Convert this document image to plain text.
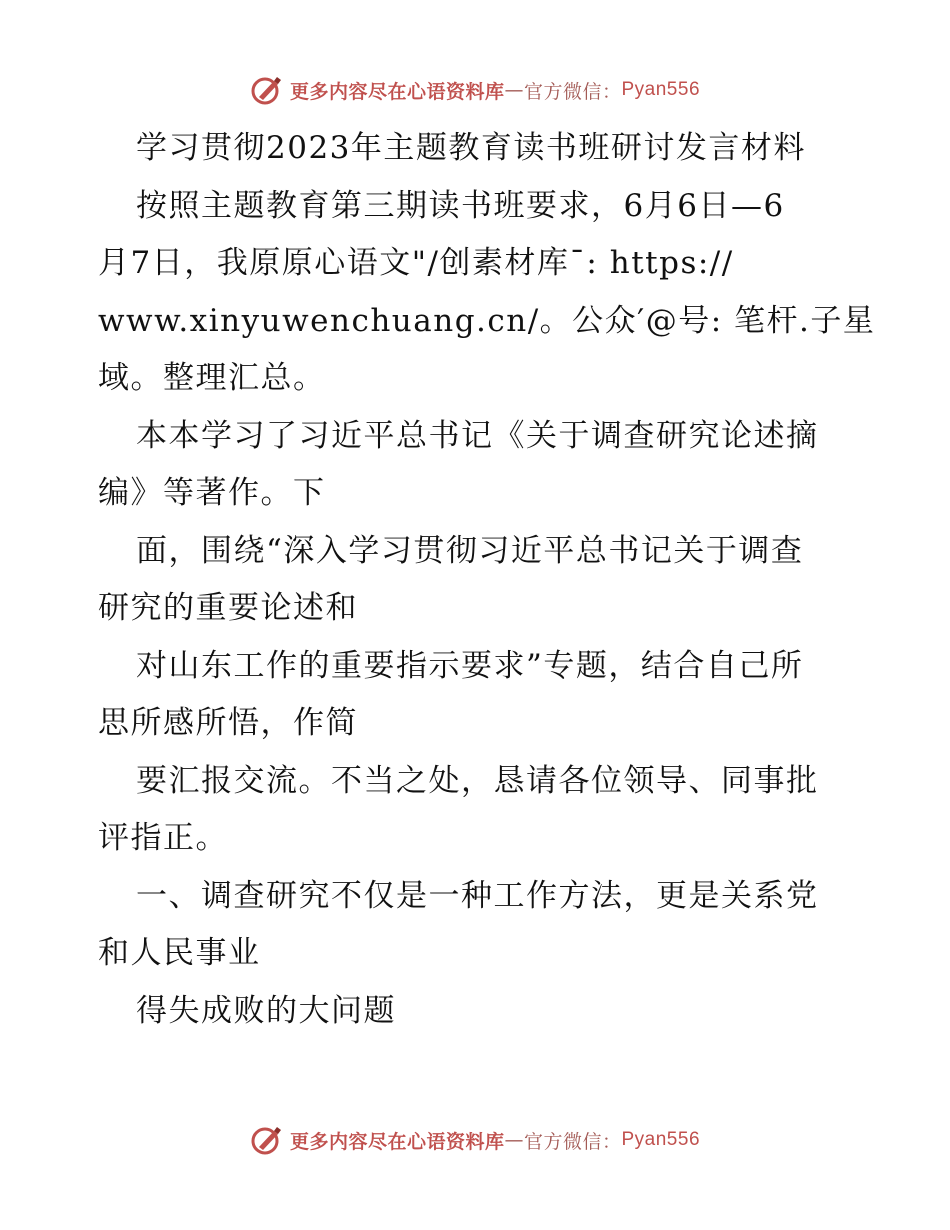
更多内容尽在心语资料库 — 官方微信： Pyan556
学习贯彻2023年主题教育读书班研讨发言材料
按照主题教育第三期读书班要求，6月6日—6
月7日，我原原心语文"/创素材库¯: https://
www.xinyuwenchuang.cn/。公众′@号: 笔杆.子星
域。整理汇总。
本本学习了习近平总书记《关于调查研究论述摘
编》等著作。下
面，围绕“深入学习贯彻习近平总书记关于调查
研究的重要论述和
对山东工作的重要指示要求”专题，结合自己所
思所感所悟，作简
要汇报交流。不当之处，恳请各位领导、同事批
评指正。
一、调查研究不仅是一种工作方法，更是关系党
和人民事业
得失成败的大问题
更多内容尽在心语资料库 — 官方微信： Pyan556
